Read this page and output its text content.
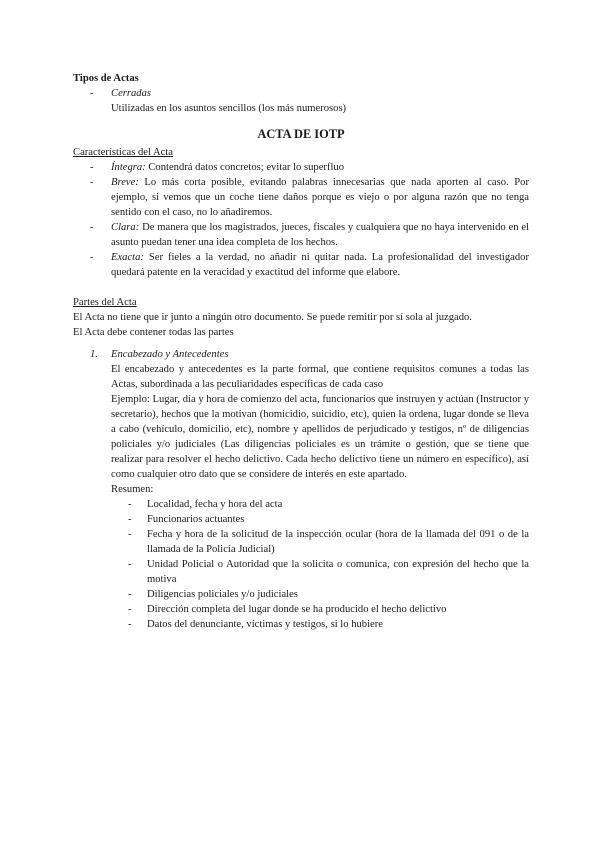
Tipos de Actas

- Cerradas
Utilizadas en los asuntos sencillos (los más numerosos)

ACTA DE IOTP

Características del Acta

- Íntegra: Contendrá datos concretos; evitar lo superfluo
- Breve: Lo más corta posible, evitando palabras innecesarias que nada aporten al caso. Por ejemplo, si vemos que un coche tiene daños porque es viejo o por alguna razón que no tenga sentido con el caso, no lo añadiremos.
- Clara: De manera que los magistrados, jueces, fiscales y cualquiera que no haya intervenido en el asunto puedan tener una idea completa de los hechos.
- Exacta: Ser fieles a la verdad, no añadir ni quitar nada. La profesionalidad del investigador quedará patente en la veracidad y exactitud del informe que elabore.

Partes del Acta

El Acta no tiene que ir junto a ningún otro documento. Se puede remitir por sí sola al juzgado.

El Acta debe contener todas las partes

1. Encabezado y Antecedentes

El encabezado y antecedentes es la parte formal, que contiene requisitos comunes a todas las Actas, subordinada a las peculiaridades específicas de cada caso

Ejemplo: Lugar, día y hora de comienzo del acta, funcionarios que instruyen y actúan (Instructor y secretario), hechos que la motivan (homicidio, suicidio, etc), quien la ordena, lugar donde se lleva a cabo (vehículo, domicilio, etc), nombre y apellidos de perjudicado y testigos, nº de diligencias policiales y/o judiciales (Las diligencias policiales es un trámite o gestión, que se tiene que realizar para resolver el hecho delictivo. Cada hecho delictivo tiene un número en específico), así como cualquier otro dato que se considere de interés en este apartado.

Resumen:

- Localidad, fecha y hora del acta
- Funcionarios actuantes
- Fecha y hora de la solicitud de la inspección ocular (hora de la llamada del 091 o de la llamada de la Policía Judicial)
- Unidad Policial o Autoridad que la solicita o comunica, con expresión del hecho que la motiva
- Diligencias policiales y/o judiciales
- Dirección completa del lugar donde se ha producido el hecho delictivo
- Datos del denunciante, víctimas y testigos, si lo hubiere
